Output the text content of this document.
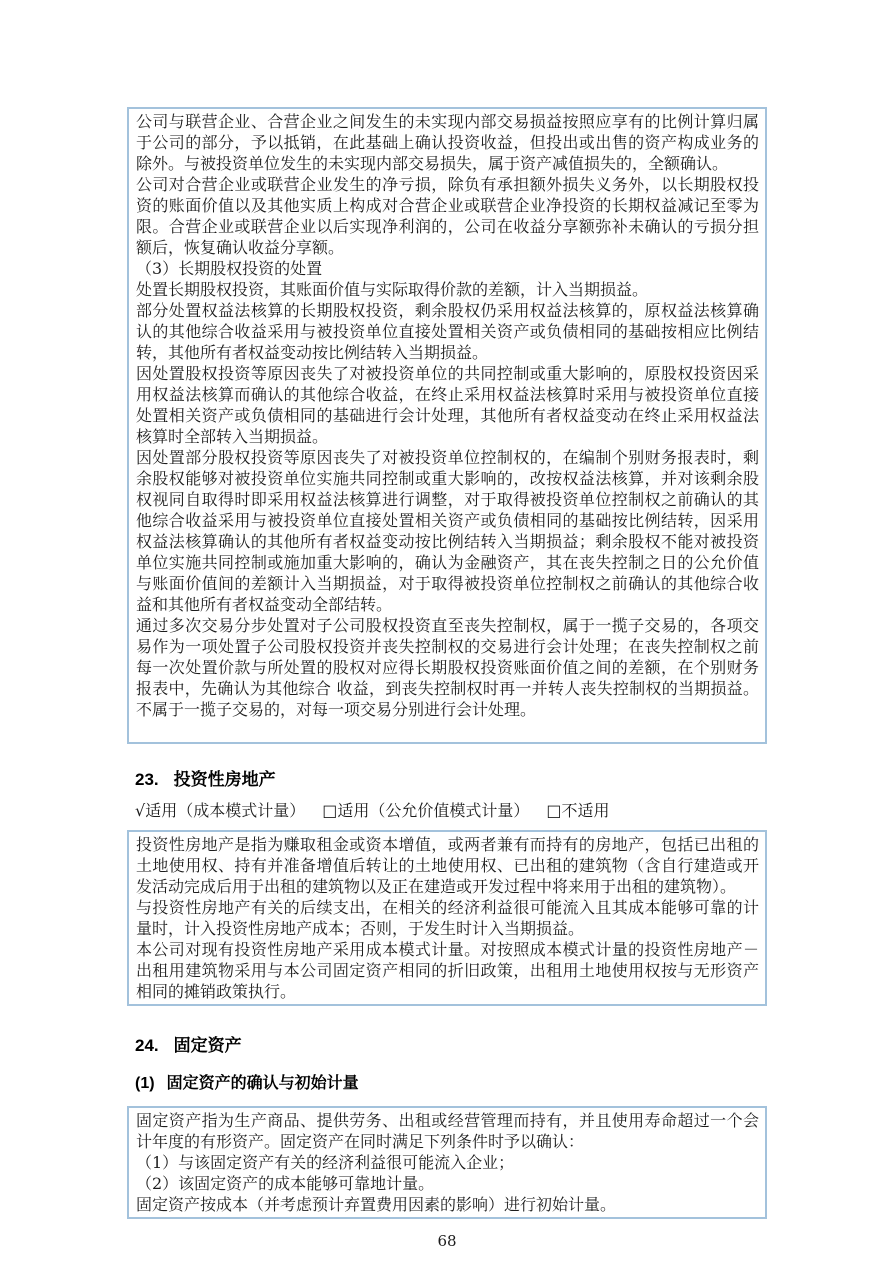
公司与联营企业、合营企业之间发生的未实现内部交易损益按照应享有的比例计算归属于公司的部分，予以抵销，在此基础上确认投资收益，但投出或出售的资产构成业务的除外。与被投资单位发生的未实现内部交易损失，属于资产减值损失的，全额确认。

公司对合营企业或联营企业发生的净亏损，除负有承担额外损失义务外，以长期股权投资的账面价值以及其他实质上构成对合营企业或联营企业净投资的长期权益减记至零为限。合营企业或联营企业以后实现净利润的，公司在收益分享额弥补未确认的亏损分担额后，恢复确认收益分享额。

（3）长期股权投资的处置

处置长期股权投资，其账面价值与实际取得价款的差额，计入当期损益。

部分处置权益法核算的长期股权投资，剩余股权仍采用权益法核算的，原权益法核算确认的其他综合收益采用与被投资单位直接处置相关资产或负债相同的基础按相应比例结转，其他所有者权益变动按比例结转入当期损益。

因处置股权投资等原因丧失了对被投资单位的共同控制或重大影响的，原股权投资因采用权益法核算而确认的其他综合收益，在终止采用权益法核算时采用与被投资单位直接处置相关资产或负债相同的基础进行会计处理，其他所有者权益变动在终止采用权益法核算时全部转入当期损益。

因处置部分股权投资等原因丧失了对被投资单位控制权的，在编制个别财务报表时，剩余股权能够对被投资单位实施共同控制或重大影响的，改按权益法核算，并对该剩余股权视同自取得时即采用权益法核算进行调整，对于取得被投资单位控制权之前确认的其他综合收益采用与被投资单位直接处置相关资产或负债相同的基础按比例结转，因采用权益法核算确认的其他所有者权益变动按比例结转入当期损益；剩余股权不能对被投资单位实施共同控制或施加重大影响的，确认为金融资产，其在丧失控制之日的公允价值与账面价值间的差额计入当期损益，对于取得被投资单位控制权之前确认的其他综合收益和其他所有者权益变动全部结转。

通过多次交易分步处置对子公司股权投资直至丧失控制权，属于一揽子交易的，各项交易作为一项处置子公司股权投资并丧失控制权的交易进行会计处理；在丧失控制权之前每一次处置价款与所处置的股权对应得长期股权投资账面价值之间的差额，在个别财务报表中，先确认为其他综合 收益，到丧失控制权时再一并转人丧失控制权的当期损益。不属于一揽子交易的，对每一项交易分别进行会计处理。

23. 投资性房地产
√适用（成本模式计量） □适用（公允价值模式计量） □不适用

投资性房地产是指为赚取租金或资本增值，或两者兼有而持有的房地产，包括已出租的土地使用权、持有并准备增值后转让的土地使用权、已出租的建筑物（含自行建造或开发活动完成后用于出租的建筑物以及正在建造或开发过程中将来用于出租的建筑物）。

与投资性房地产有关的后续支出，在相关的经济利益很可能流入且其成本能够可靠的计量时，计入投资性房地产成本；否则，于发生时计入当期损益。

本公司对现有投资性房地产采用成本模式计量。对按照成本模式计量的投资性房地产－出租用建筑物采用与本公司固定资产相同的折旧政策，出租用土地使用权按与无形资产相同的摊销政策执行。

24. 固定资产
(1) 固定资产的确认与初始计量

固定资产指为生产商品、提供劳务、出租或经营管理而持有，并且使用寿命超过一个会计年度的有形资产。固定资产在同时满足下列条件时予以确认：

（1）与该固定资产有关的经济利益很可能流入企业；

（2）该固定资产的成本能够可靠地计量。

固定资产按成本（并考虑预计弃置费用因素的影响）进行初始计量。

68
